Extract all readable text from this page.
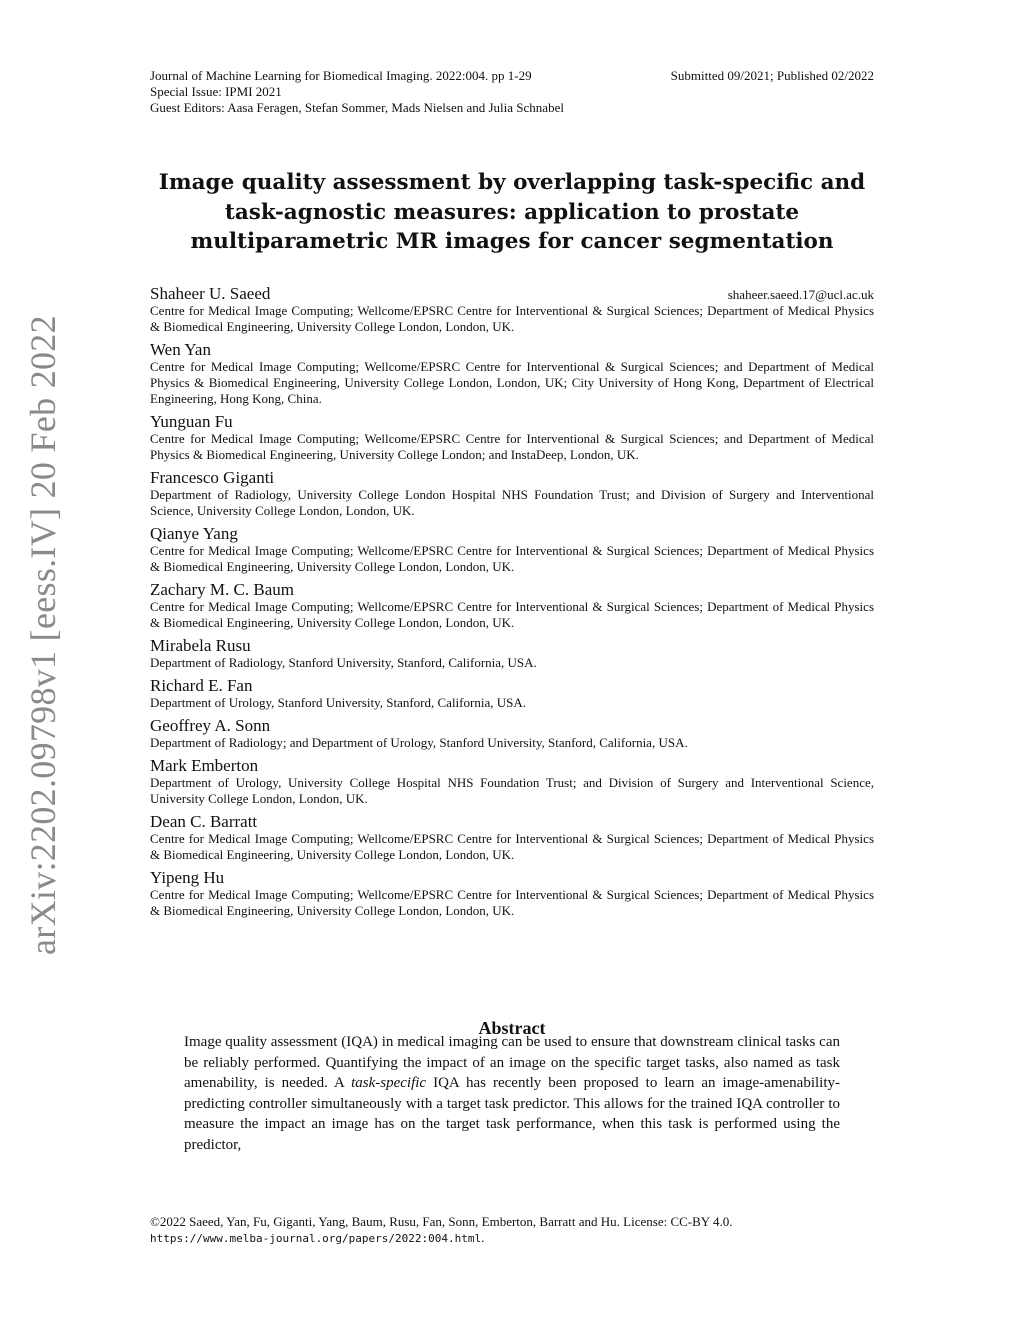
Journal of Machine Learning for Biomedical Imaging. 2022:004. pp 1-29	Submitted 09/2021; Published 02/2022
Special Issue: IPMI 2021
Guest Editors: Aasa Feragen, Stefan Sommer, Mads Nielsen and Julia Schnabel
arXiv:2202.09798v1 [eess.IV] 20 Feb 2022
Image quality assessment by overlapping task-specific and
task-agnostic measures: application to prostate
multiparametric MR images for cancer segmentation
Shaheer U. Saeed	shaheer.saeed.17@ucl.ac.uk
Centre for Medical Image Computing; Wellcome/EPSRC Centre for Interventional & Surgical Sciences; Department of Medical Physics & Biomedical Engineering, University College London, London, UK.
Wen Yan
Centre for Medical Image Computing; Wellcome/EPSRC Centre for Interventional & Surgical Sciences; and Department of Medical Physics & Biomedical Engineering, University College London, London, UK; City University of Hong Kong, Department of Electrical Engineering, Hong Kong, China.
Yunguan Fu
Centre for Medical Image Computing; Wellcome/EPSRC Centre for Interventional & Surgical Sciences; and Department of Medical Physics & Biomedical Engineering, University College London; and InstaDeep, London, UK.
Francesco Giganti
Department of Radiology, University College London Hospital NHS Foundation Trust; and Division of Surgery and Interventional Science, University College London, London, UK.
Qianye Yang
Centre for Medical Image Computing; Wellcome/EPSRC Centre for Interventional & Surgical Sciences; Department of Medical Physics & Biomedical Engineering, University College London, London, UK.
Zachary M. C. Baum
Centre for Medical Image Computing; Wellcome/EPSRC Centre for Interventional & Surgical Sciences; Department of Medical Physics & Biomedical Engineering, University College London, London, UK.
Mirabela Rusu
Department of Radiology, Stanford University, Stanford, California, USA.
Richard E. Fan
Department of Urology, Stanford University, Stanford, California, USA.
Geoffrey A. Sonn
Department of Radiology; and Department of Urology, Stanford University, Stanford, California, USA.
Mark Emberton
Department of Urology, University College Hospital NHS Foundation Trust; and Division of Surgery and Interventional Science, University College London, London, UK.
Dean C. Barratt
Centre for Medical Image Computing; Wellcome/EPSRC Centre for Interventional & Surgical Sciences; Department of Medical Physics & Biomedical Engineering, University College London, London, UK.
Yipeng Hu
Centre for Medical Image Computing; Wellcome/EPSRC Centre for Interventional & Surgical Sciences; Department of Medical Physics & Biomedical Engineering, University College London, London, UK.
Abstract

Image quality assessment (IQA) in medical imaging can be used to ensure that downstream clinical tasks can be reliably performed. Quantifying the impact of an image on the specific target tasks, also named as task amenability, is needed. A task-specific IQA has recently been proposed to learn an image-amenability-predicting controller simultaneously with a target task predictor. This allows for the trained IQA controller to measure the impact an image has on the target task performance, when this task is performed using the predictor,

©2022 Saeed, Yan, Fu, Giganti, Yang, Baum, Rusu, Fan, Sonn, Emberton, Barratt and Hu. License: CC-BY 4.0.
https://www.melba-journal.org/papers/2022:004.html.
